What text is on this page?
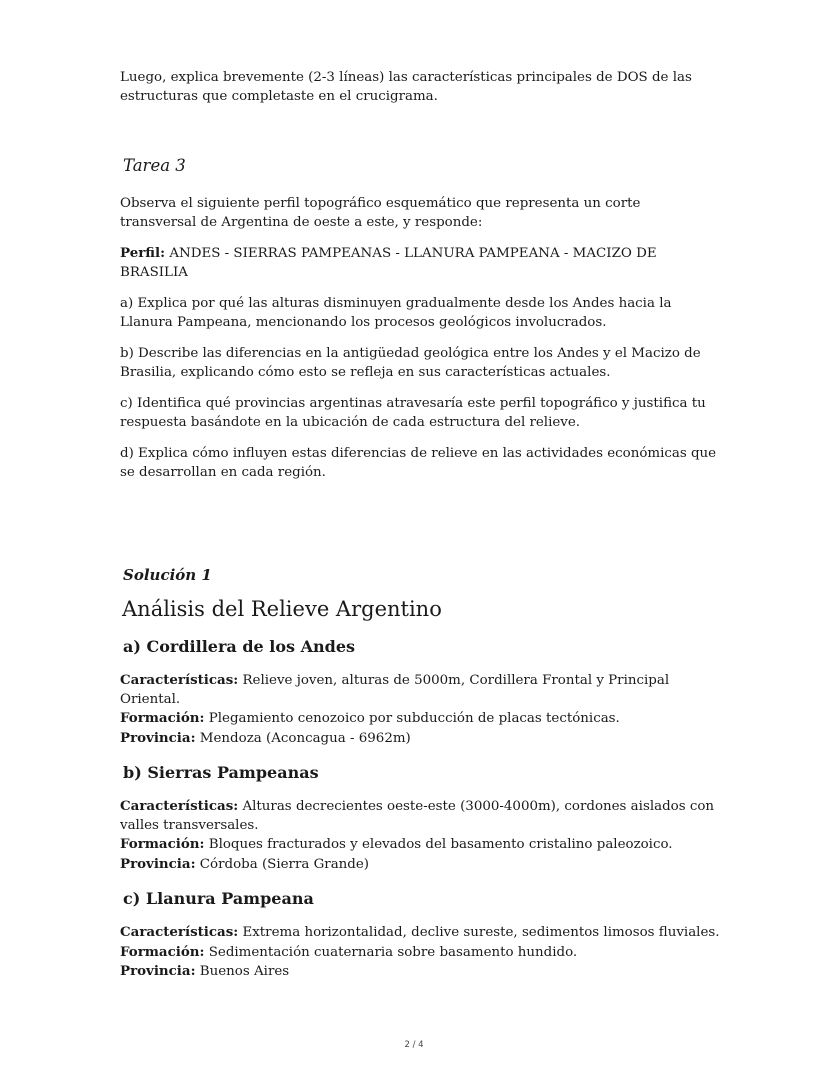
Luego, explica brevemente (2-3 líneas) las características principales de DOS de las estructuras que completaste en el crucigrama.

Tarea 3

Observa el siguiente perfil topográfico esquemático que representa un corte transversal de Argentina de oeste a este, y responde:

Perfil: ANDES - SIERRAS PAMPEANAS - LLANURA PAMPEANA - MACIZO DE BRASILIA

a) Explica por qué las alturas disminuyen gradualmente desde los Andes hacia la Llanura Pampeana, mencionando los procesos geológicos involucrados.

b) Describe las diferencias en la antigüedad geológica entre los Andes y el Macizo de Brasilia, explicando cómo esto se refleja en sus características actuales.

c) Identifica qué provincias argentinas atravesaría este perfil topográfico y justifica tu respuesta basándote en la ubicación de cada estructura del relieve.

d) Explica cómo influyen estas diferencias de relieve en las actividades económicas que se desarrollan en cada región.

Solución 1
Análisis del Relieve Argentino
a) Cordillera de los Andes

Características: Relieve joven, alturas de 5000m, Cordillera Frontal y Principal Oriental.

Formación: Plegamiento cenozoico por subducción de placas tectónicas.

Provincia: Mendoza (Aconcagua - 6962m)

b) Sierras Pampeanas

Características: Alturas decrecientes oeste-este (3000-4000m), cordones aislados con valles transversales.

Formación: Bloques fracturados y elevados del basamento cristalino paleozoico.

Provincia: Córdoba (Sierra Grande)

c) Llanura Pampeana

Características: Extrema horizontalidad, declive sureste, sedimentos limosos fluviales.

Formación: Sedimentación cuaternaria sobre basamento hundido.

Provincia: Buenos Aires

2 / 4
